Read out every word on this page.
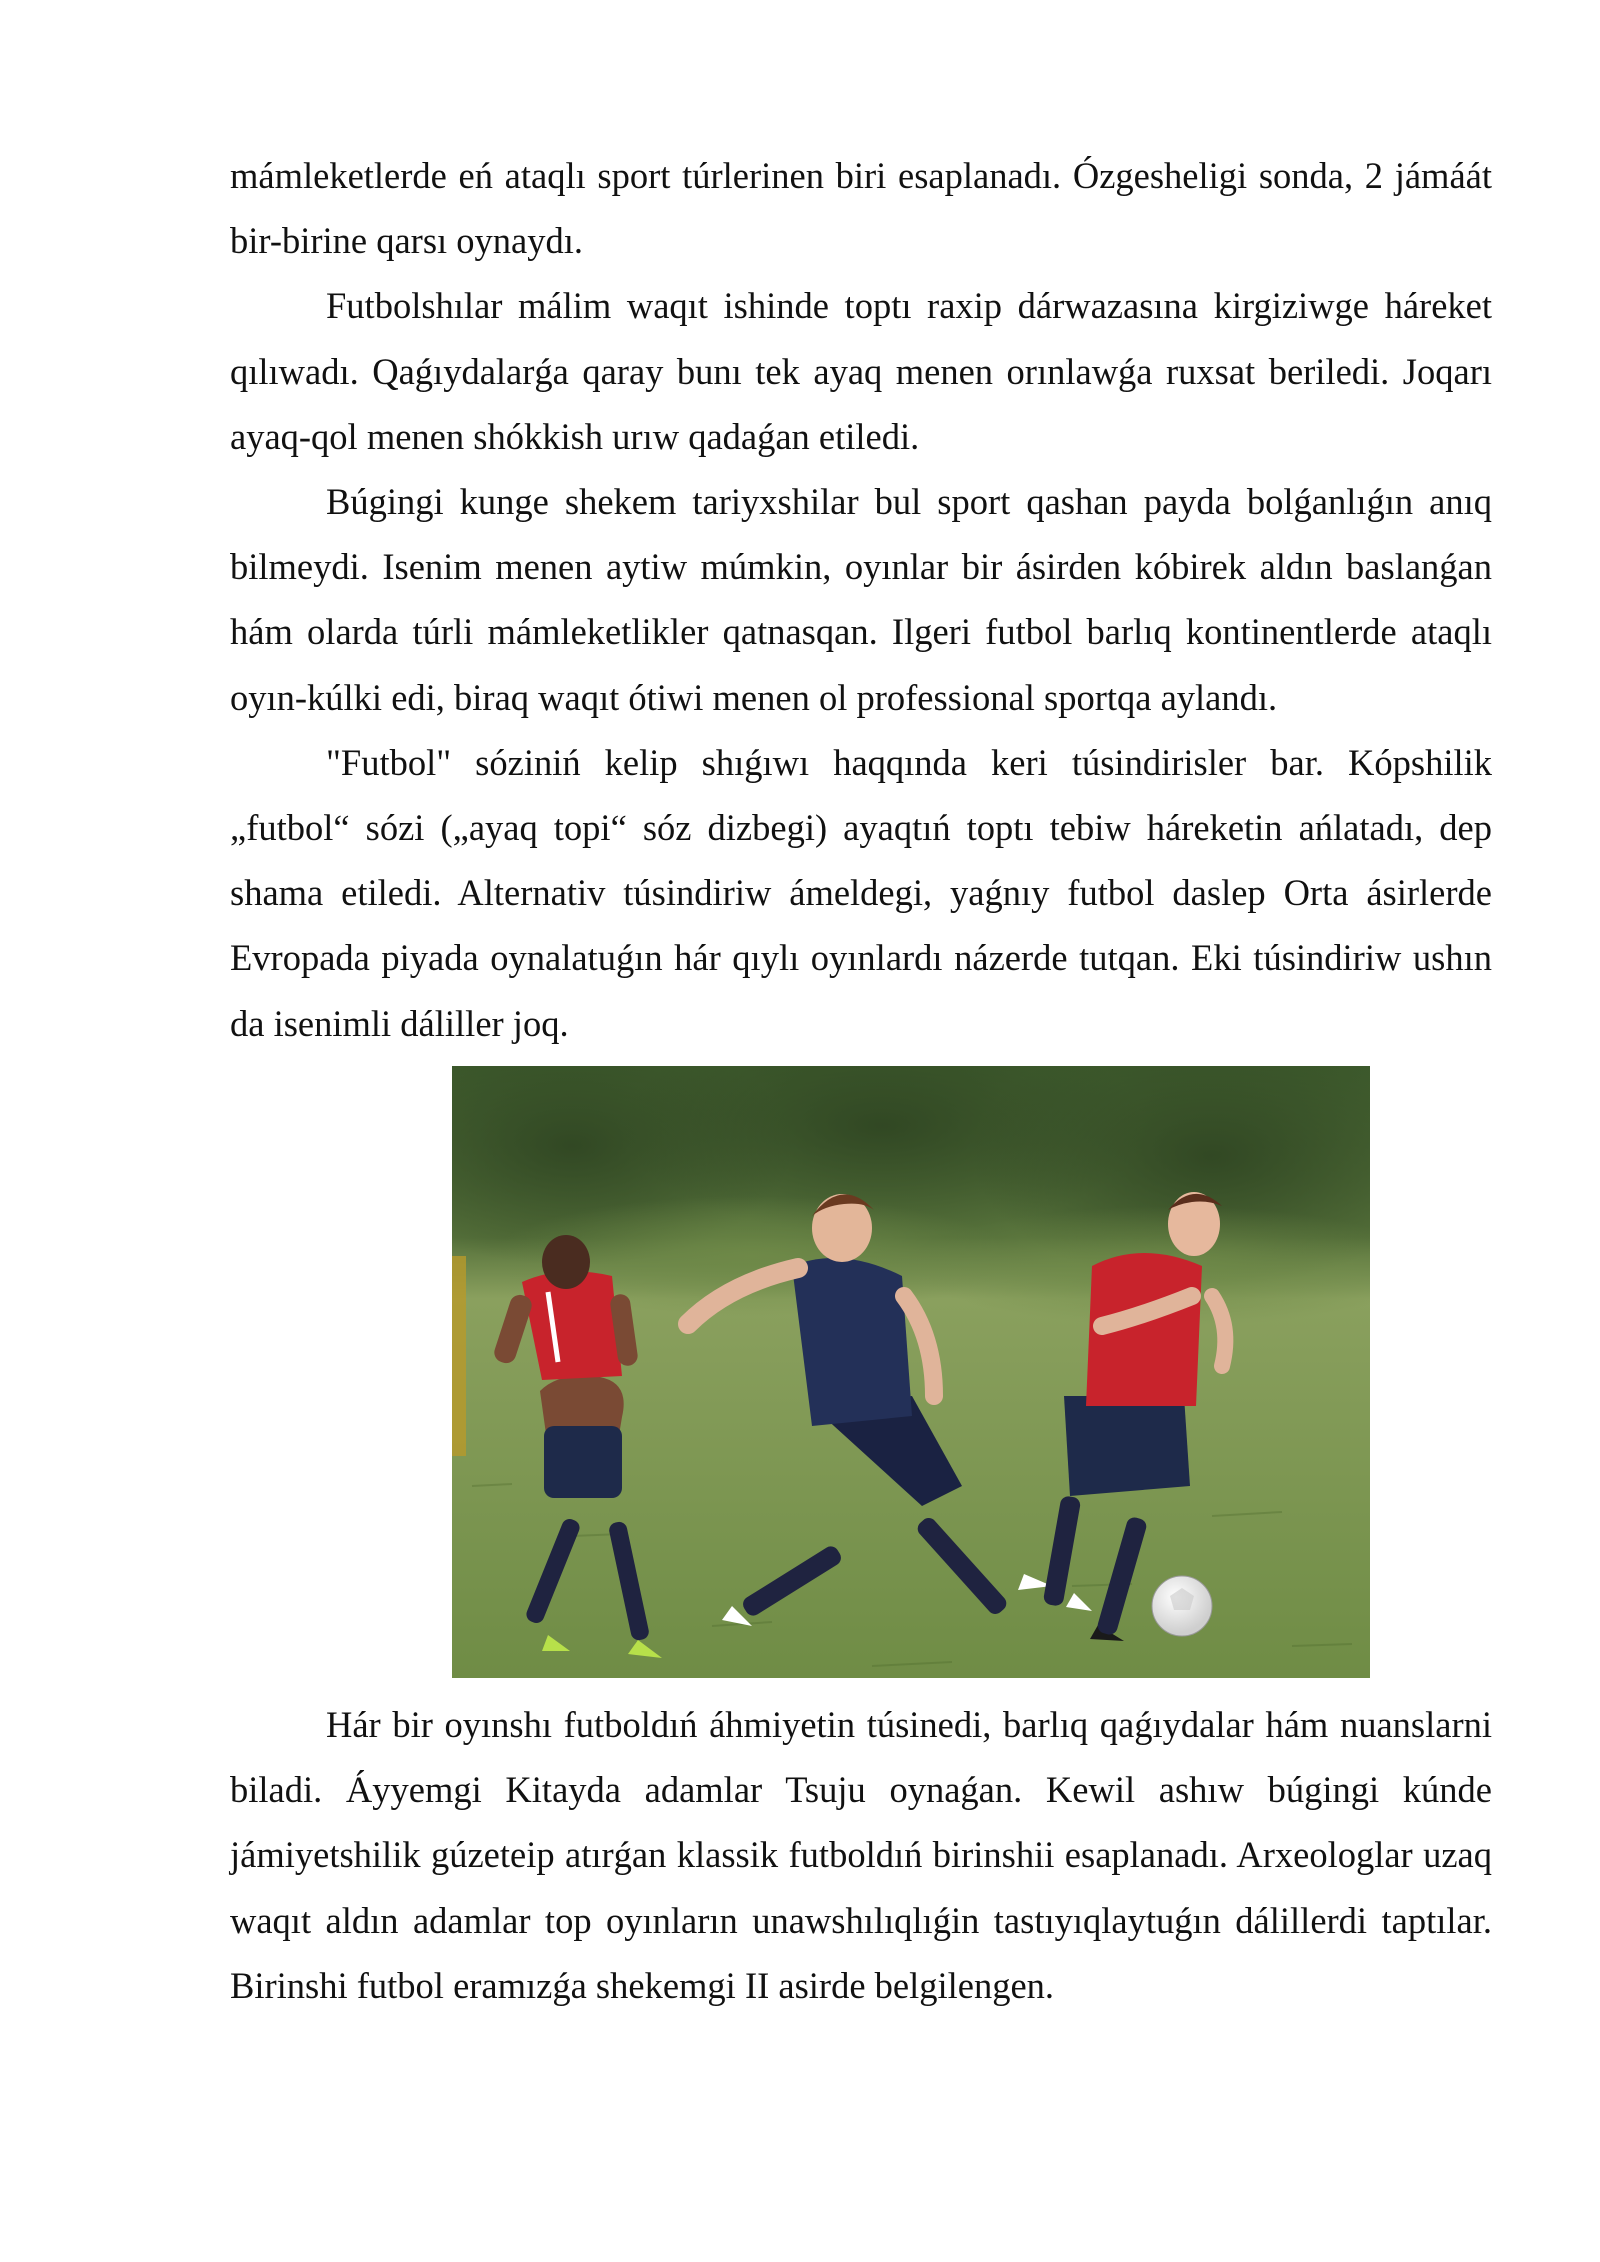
mámleketlerde eń ataqlı sport túrlerinen biri esaplanadı. Ózgesheligi sonda, 2 jámáát bir-birine qarsı oynaydı.

Futbolshılar málim waqıt ishinde toptı raxip dárwazasına kirgiziwge háreket qılıwadı. Qaǵıydalarǵa qaray bunı tek ayaq menen orınlawǵa ruxsat beriledi. Joqarı ayaq-qol menen shókkish urıw qadaǵan etiledi.

Búgingi kunge shekem tariyxshilar bul sport qashan payda bolǵanlıǵın anıq bilmeydi. Isenim menen aytiw múmkin, oyınlar bir ásirden kóbirek aldın baslanǵan hám olarda túrli mámleketlikler qatnasqan. Ilgeri futbol barlıq kontinentlerde ataqlı oyın-kúlki edi, biraq waqıt ótiwi menen ol professional sportqa aylandı.

"Futbol" sóziniń kelip shıǵıwı haqqında keri túsindirisler bar. Kópshilik „futbol“ sózi („ayaq topi“ sóz dizbegi) ayaqtıń toptı tebiw háreketin ańlatadı, dep shama etiledi. Alternativ túsindiriw ámeldegi, yaǵnıy futbol daslep Orta ásirlerde Evropada piyada oynalatuǵın hár qıylı oyınlardı názerde tutqan. Eki túsindiriw ushın da isenimli dáliller joq.

Hár bir oyınshı futboldıń áhmiyetin túsinedi, barlıq qaǵıydalar hám nuanslarni biladi. Áyyemgi Kitayda adamlar Tsuju oynaǵan. Kewil ashıw búgingi kúnde jámiyetshilik gúzeteip atırǵan klassik futboldıń birinshii esaplanadı. Arxeologlar uzaq waqıt aldın adamlar top oyınların unawshılıqlıǵin tastıyıqlaytuǵın dálillerdi taptılar. Birinshi futbol eramızǵa shekemgi II asirde belgilengen.
